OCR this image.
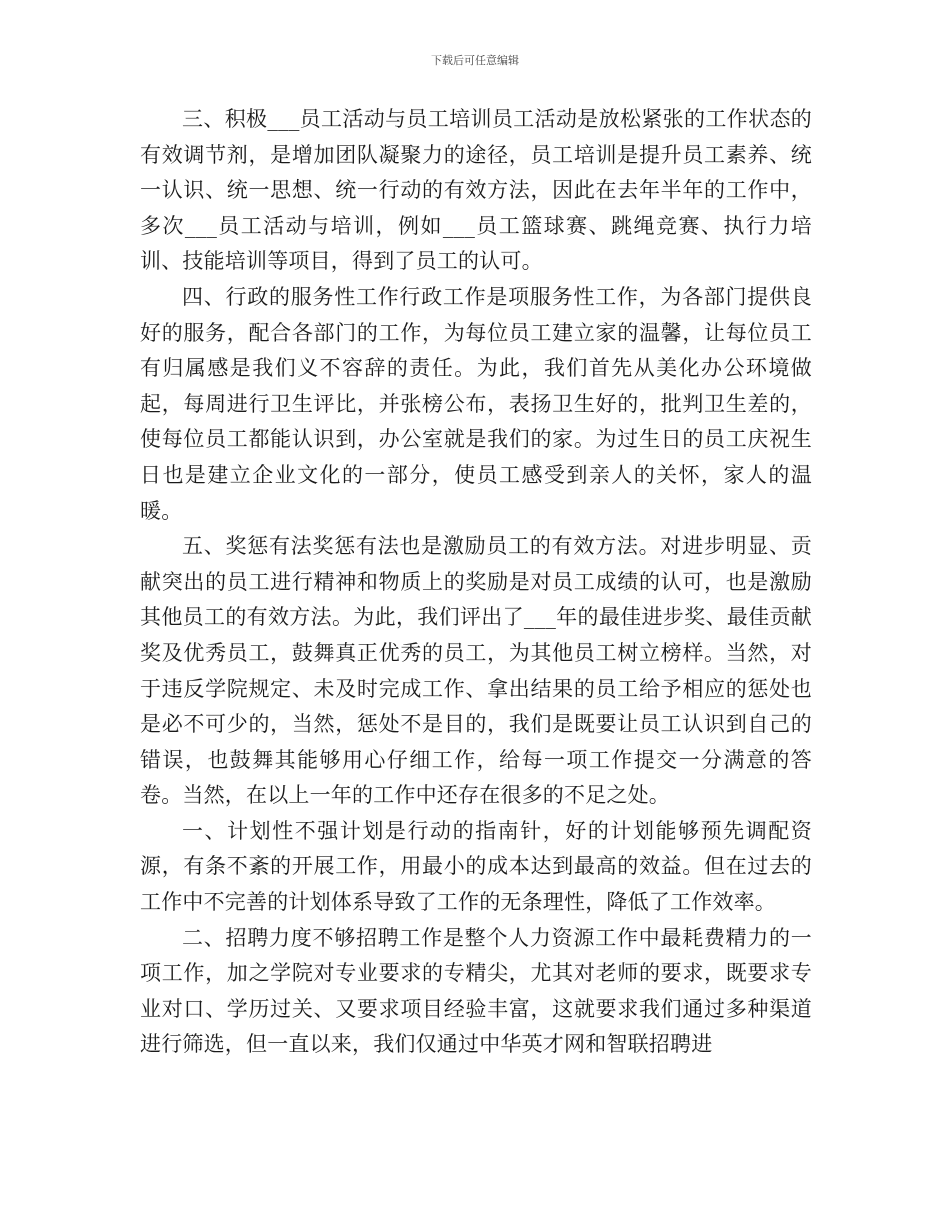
下载后可任意编辑

三、积极___员工活动与员工培训员工活动是放松紧张的工作状态的有效调节剂，是增加团队凝聚力的途径，员工培训是提升员工素养、统一认识、统一思想、统一行动的有效方法，因此在去年半年的工作中，多次___员工活动与培训，例如___员工篮球赛、跳绳竞赛、执行力培训、技能培训等项目，得到了员工的认可。

四、行政的服务性工作行政工作是项服务性工作，为各部门提供良好的服务，配合各部门的工作，为每位员工建立家的温馨，让每位员工有归属感是我们义不容辞的责任。为此，我们首先从美化办公环境做起，每周进行卫生评比，并张榜公布，表扬卫生好的，批判卫生差的，使每位员工都能认识到，办公室就是我们的家。为过生日的员工庆祝生日也是建立企业文化的一部分，使员工感受到亲人的关怀，家人的温暖。

五、奖惩有法奖惩有法也是激励员工的有效方法。对进步明显、贡献突出的员工进行精神和物质上的奖励是对员工成绩的认可，也是激励其他员工的有效方法。为此，我们评出了___年的最佳进步奖、最佳贡献奖及优秀员工，鼓舞真正优秀的员工，为其他员工树立榜样。当然，对于违反学院规定、未及时完成工作、拿出结果的员工给予相应的惩处也是必不可少的，当然，惩处不是目的，我们是既要让员工认识到自己的错误，也鼓舞其能够用心仔细工作，给每一项工作提交一分满意的答卷。当然，在以上一年的工作中还存在很多的不足之处。

一、计划性不强计划是行动的指南针，好的计划能够预先调配资源，有条不紊的开展工作，用最小的成本达到最高的效益。但在过去的工作中不完善的计划体系导致了工作的无条理性，降低了工作效率。

二、招聘力度不够招聘工作是整个人力资源工作中最耗费精力的一项工作，加之学院对专业要求的专精尖，尤其对老师的要求，既要求专业对口、学历过关、又要求项目经验丰富，这就要求我们通过多种渠道进行筛选，但一直以来，我们仅通过中华英才网和智联招聘进
